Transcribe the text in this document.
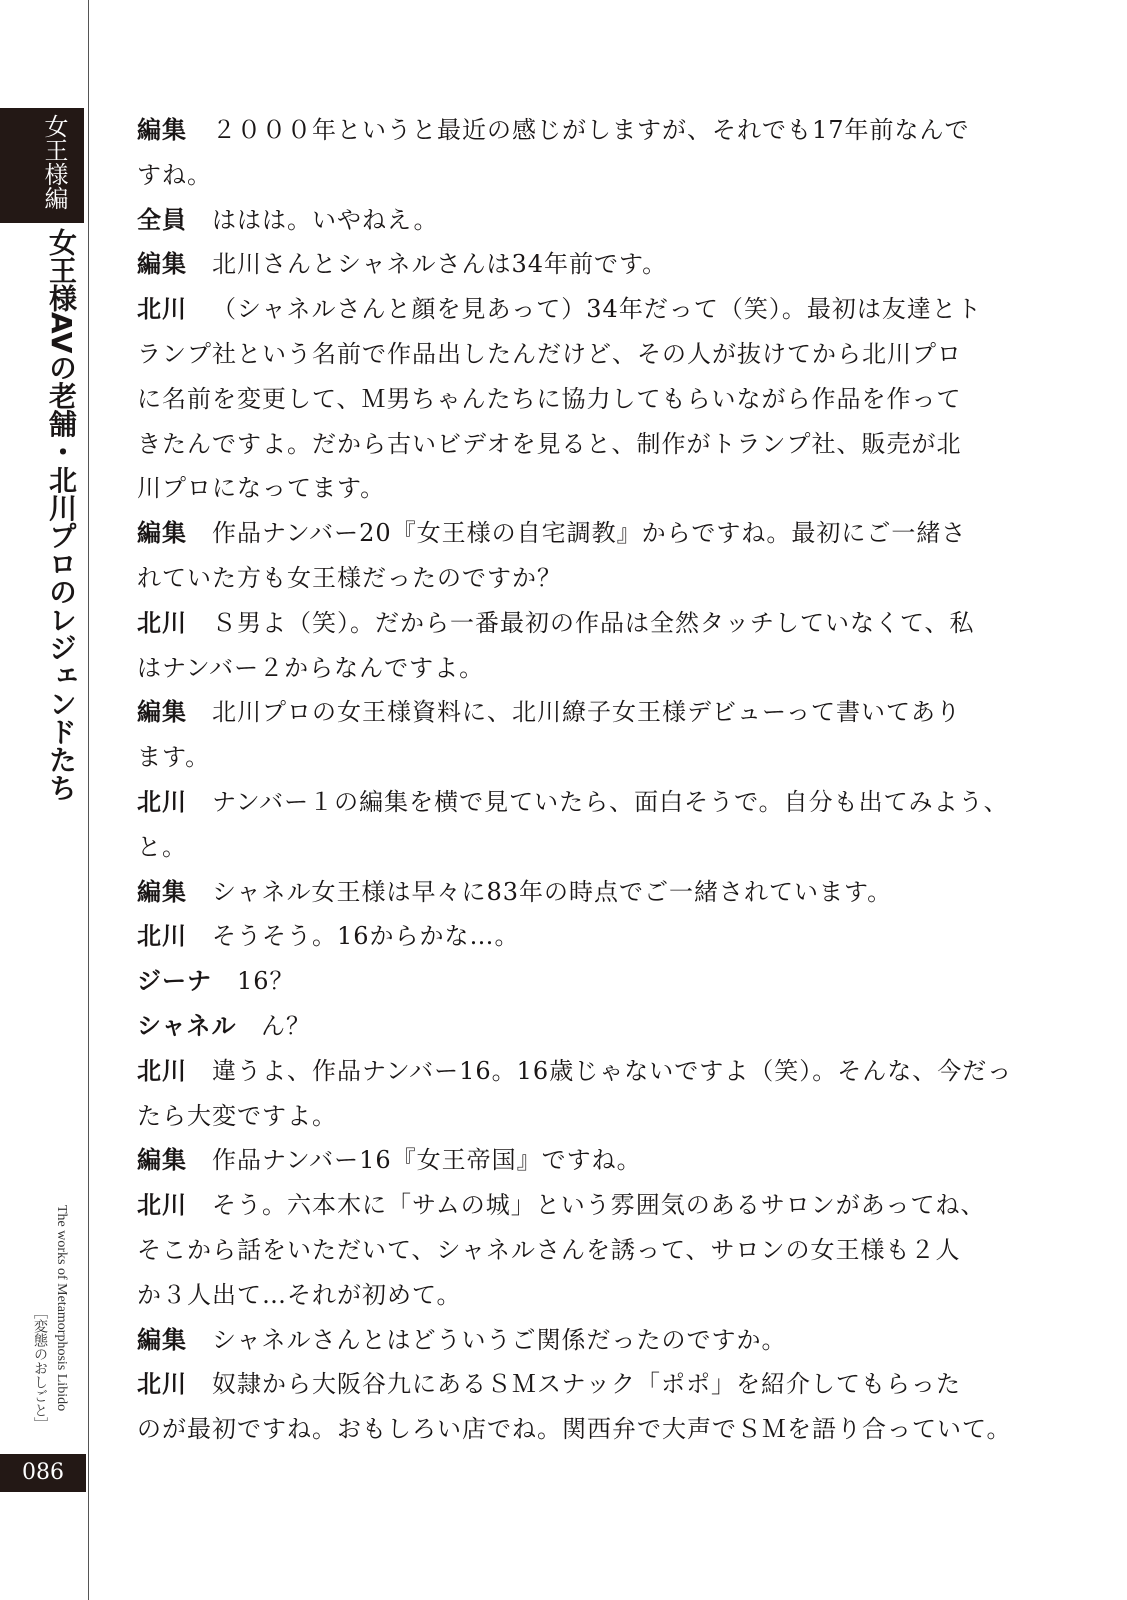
女王様編
女王様AVの老舗・北川プロのレジェンドたち
The works of Metamorphosis Libido
［変態のおしごと］
086
編集 ２０００年というと最近の感じがしますが、それでも17年前なんで
すね。
全員 ははは。いやねえ。
編集 北川さんとシャネルさんは34年前です。
北川 （シャネルさんと顔を見あって）34年だって（笑）。最初は友達とト
ランプ社という名前で作品出したんだけど、その人が抜けてから北川プロ
に名前を変更して、Ｍ男ちゃんたちに協力してもらいながら作品を作って
きたんですよ。だから古いビデオを見ると、制作がトランプ社、販売が北
川プロになってます。
編集 作品ナンバー20『女王様の自宅調教』からですね。最初にご一緒さ
れていた方も女王様だったのですか？
北川 Ｓ男よ（笑）。だから一番最初の作品は全然タッチしていなくて、私
はナンバー２からなんですよ。
編集 北川プロの女王様資料に、北川繚子女王様デビューって書いてあり
ます。
北川 ナンバー１の編集を横で見ていたら、面白そうで。自分も出てみよう、
と。
編集 シャネル女王様は早々に83年の時点でご一緒されています。
北川 そうそう。16からかな…。
ジーナ 16？
シャネル ん？
北川 違うよ、作品ナンバー16。16歳じゃないですよ（笑）。そんな、今だっ
たら大変ですよ。
編集 作品ナンバー16『女王帝国』ですね。
北川 そう。六本木に「サムの城」という雰囲気のあるサロンがあってね、
そこから話をいただいて、シャネルさんを誘って、サロンの女王様も２人
か３人出て…それが初めて。
編集 シャネルさんとはどういうご関係だったのですか。
北川 奴隷から大阪谷九にあるＳＭスナック「ポポ」を紹介してもらった
のが最初ですね。おもしろい店でね。関西弁で大声でＳＭを語り合っていて。
